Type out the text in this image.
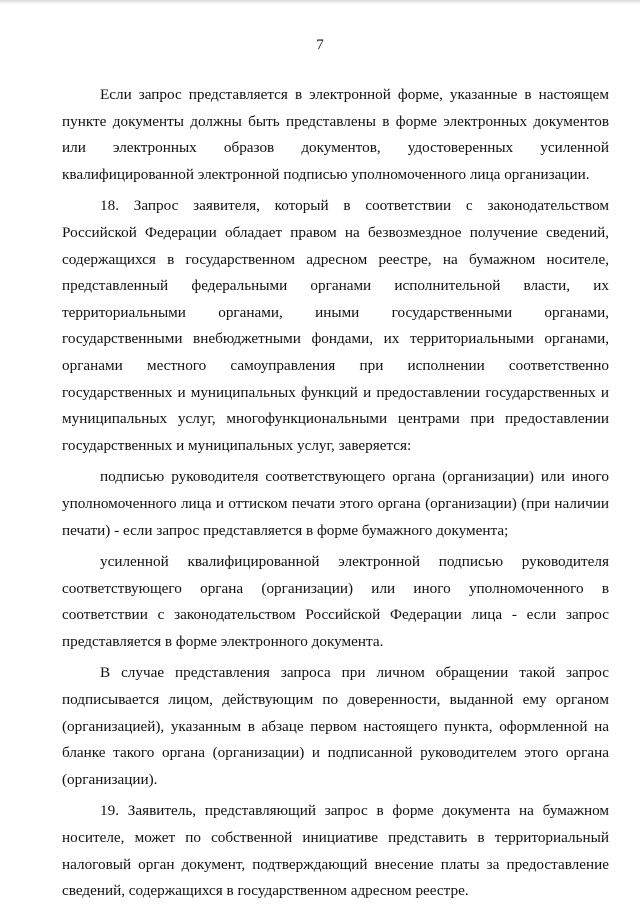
7

Если запрос представляется в электронной форме, указанные в настоящем пункте документы должны быть представлены в форме электронных документов или электронных образов документов, удостоверенных усиленной квалифицированной электронной подписью уполномоченного лица организации.

18. Запрос заявителя, который в соответствии с законодательством Российской Федерации обладает правом на безвозмездное получение сведений, содержащихся в государственном адресном реестре, на бумажном носителе, представленный федеральными органами исполнительной власти, их территориальными органами, иными государственными органами, государственными внебюджетными фондами, их территориальными органами, органами местного самоуправления при исполнении соответственно государственных и муниципальных функций и предоставлении государственных и муниципальных услуг, многофункциональными центрами при предоставлении государственных и муниципальных услуг, заверяется:

подписью руководителя соответствующего органа (организации) или иного уполномоченного лица и оттиском печати этого органа (организации) (при наличии печати) - если запрос представляется в форме бумажного документа;

усиленной квалифицированной электронной подписью руководителя соответствующего органа (организации) или иного уполномоченного в соответствии с законодательством Российской Федерации лица - если запрос представляется в форме электронного документа.

В случае представления запроса при личном обращении такой запрос подписывается лицом, действующим по доверенности, выданной ему органом (организацией), указанным в абзаце первом настоящего пункта, оформленной на бланке такого органа (организации) и подписанной руководителем этого органа (организации).

19. Заявитель, представляющий запрос в форме документа на бумажном носителе, может по собственной инициативе представить в территориальный налоговый орган документ, подтверждающий внесение платы за предоставление сведений, содержащихся в государственном адресном реестре.
